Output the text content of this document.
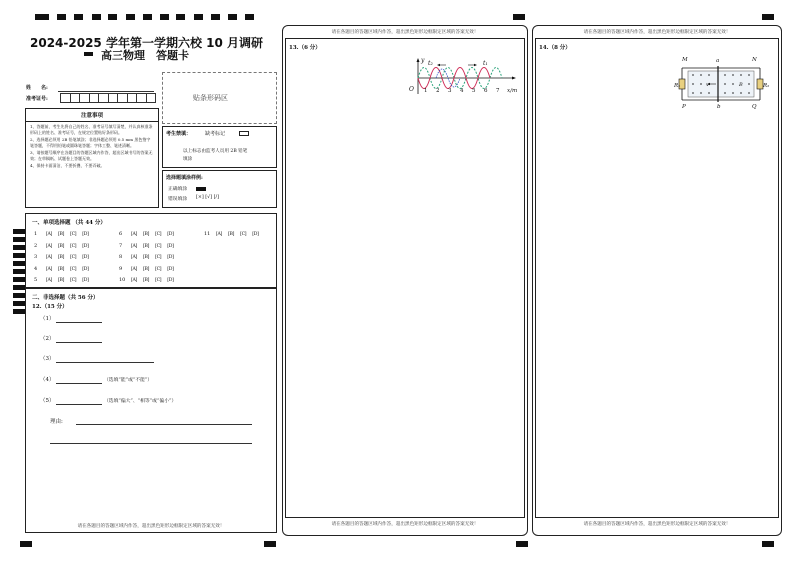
2024-2025 学年第一学期六校 10 月调研
高三物理　答题卡
姓　　名:
准考证号:	贴条形码区
注意事项
1、答题前，考生先将自己的姓名、准考证号填写清楚，并认真核准条形码上的姓名、准考证号，在规定位置贴好条形码。
2、选择题必须用 2B 铅笔填涂；非选择题必须用 0.5 mm 黑色签字笔答题，不得用铅笔或圆珠笔答题；字体工整、笔迹清晰。
3、请按题号顺序在各题目的答题区域内作答，超出区域书写的答案无效；在草稿纸、试题卷上答题无效。
4、保持卡面清洁，不要折叠、不要弄破。
考生禁填：	缺考标记
以上标志由监考人员用 2B 铅笔
填涂
选择题填涂样例:
正确填涂
错误填涂 [×] [√] [/]
一、单项选择题 （共 44 分）
1 [A] [B] [C] [D]
2 [A] [B] [C] [D]
3 [A] [B] [C] [D]
4 [A] [B] [C] [D]
5 [A] [B] [C] [D]
6 [A] [B] [C] [D]
7 [A] [B] [C] [D]
8 [A] [B] [C] [D]
9 [A] [B] [C] [D]
10 [A] [B] [C] [D]
11 [A] [B] [C] [D]
二、非选择题（共 56 分）
12.（15 分）
（1）
（2）
（3）
（4）	（选填“能”或“不能”）
（5）	（选填“偏大”、“相等”或“偏小”）
理由:
请在各题目的答题区域内作答，超出黑色矩形边框限定区域的答案无效！
请在各题目的答题区域内作答，超出黑色矩形边框限定区域的答案无效！
13.（6 分）
请在各题目的答题区域内作答，超出黑色矩形边框限定区域的答案无效！
y t₂	t₁
O	x/m
1 2 3 4 5 6 7
请在各题目的答题区域内作答，超出黑色矩形边框限定区域的答案无效！
14.（8 分）
请在各题目的答题区域内作答，超出黑色矩形边框限定区域的答案无效！
M	a	N
R₁	R₂
v	B
P	b	Q
